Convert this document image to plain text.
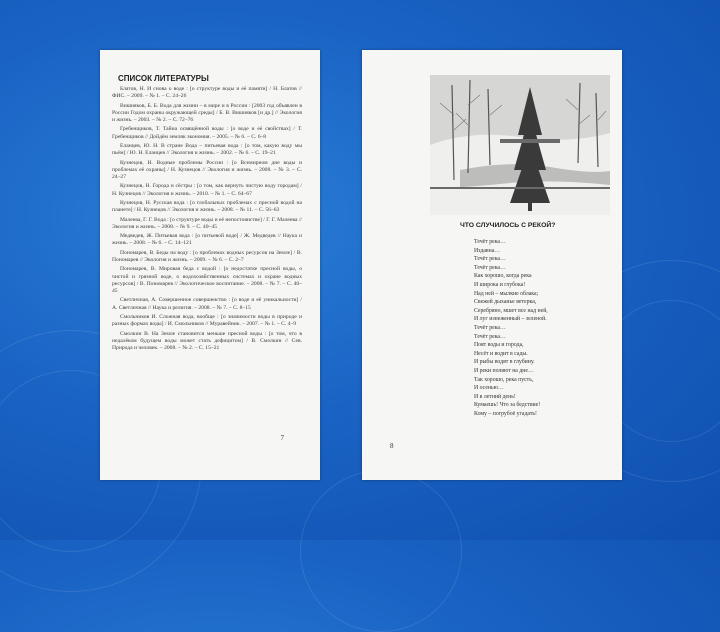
СПИСОК ЛИТЕРАТУРЫ
Блатов, Н. И снова о воде : [о структуре воды и её памяти] / Н. Блатов // ФИС. – 2009. – № 1. – С. 24–26
Вишняков, Б. Б. Вода для жизни – в мире и в России : [2003 год объявлен в России Годом охраны окружающей среды] / Б. В. Вишняков [и др.] // Экология и жизнь. – 2003. – № 2. – С. 72–76
Гребенщиков, Т. Тайна освящённой воды : [о воде и её свойствах] / Т. Гребенщиков // Дойдём земляк экономия. – 2005. – № 6. – С. 6–8
Еланцев, Ю. Н. В стране Вода – питьевая вода : [о том, какую воду мы пьём] / Ю. Н. Еланцев // Экология и жизнь. – 2002. – № 6. – С. 19–21
Кузнецов, Н. Водные проблемы России : [о Всемирном дне воды и проблемах её охраны] / Н. Кузнецов // Экология и жизнь. – 2008. – № 3. – С. 24–27
Кузнецов, Н. Города и сёстры : [о том, как вернуть чистую воду городам] / Н. Кузнецов // Экология и жизнь. – 2010. – № 1. – С. 64–67
Кузнецов, Н. Русская вода : [о глобальных проблемах с пресной водой на планете] / Н. Кузнецов // Экология и жизнь. – 2008. – № 11. – С. 56–63
Малеева, Г. Г. Вода : [о структуре воды и её непостоянстве] / Г. Г. Малеева // Экология и жизнь. – 2008. – № 9. – С. 40–45
Медведев, Ж. Питьевая вода : [о питьевой воде] / Ж. Медведев // Наука и жизнь. – 2008. – № 6. – С. 14–121
Пономарев, В. Беды на воду : [о проблемах водных ресурсов на Земле] / В. Пономарев // Экология и жизнь. – 2009. – № 6. – С. 2–7
Пономарев, В. Мировая беда с водой : [о недостатке пресной воды, о чистой и грязной воде, о водохозяйственных системах и охране водных ресурсов] / В. Пономарев // Экологическое воспитание. – 2008. – № 7. – С. 40–45
Светличная, А. Совершенное совершенство : [о воде и её уникальности] / А. Светличная // Наука и религия. – 2008. – № 7. – С. 8–15
Смольников И. Сложная вода, вообще : [о значимости воды в природе и разных формах воды] / И. Смольников // Муравейник. – 2007. – № 1. – С. 4–9
Смолкин В. На Земле становится меньше пресной воды : [о том, что в недалёком будущем воды может стать дефицитом] / В. Смолкин // Сев. Природа и человек. – 2008. – № 2. – С. 15–21
7
ЧТО СЛУЧИЛОСЬ С РЕКОЙ?
Течёт река…
Издавна…
Течёт река…
Течёт река…
Как хорошо, когда река
И широка и глубока!
Над ней – мылкие облака;
Свежей дыханье ветерка,
Серебряно, мшет все над ней,
И луг изнеженный – зеленой.
Течёт река…
Течёт река…
Поят воды и города,
Несёт и водит в сады.
И рыбы водят в глубину.
И реки поляют на дне…
Так хорошо, река пусть,
И осенью…
И в летний день!
Кумаешь! Что за бедствие!
Кому – погрубоё угадать!
8
